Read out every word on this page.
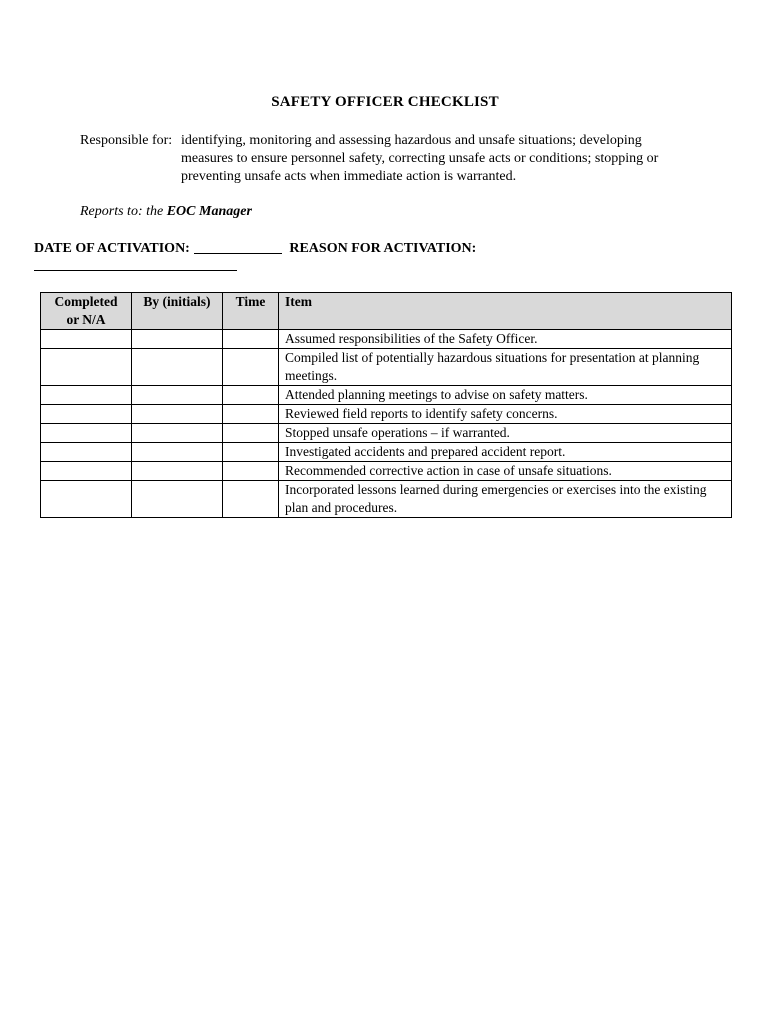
SAFETY OFFICER CHECKLIST
Responsible for: identifying, monitoring and assessing hazardous and unsafe situations; developing measures to ensure personnel safety, correcting unsafe acts or conditions; stopping or preventing unsafe acts when immediate action is warranted.
Reports to: the EOC Manager
DATE OF ACTIVATION:	REASON FOR ACTIVATION:
Completed or N/A	By (initials)	Time	Item
			Assumed responsibilities of the Safety Officer.
			Compiled list of potentially hazardous situations for presentation at planning meetings.
			Attended planning meetings to advise on safety matters.
			Reviewed field reports to identify safety concerns.
			Stopped unsafe operations – if warranted.
			Investigated accidents and prepared accident report.
			Recommended corrective action in case of unsafe situations.
			Incorporated lessons learned during emergencies or exercises into the existing plan and procedures.
